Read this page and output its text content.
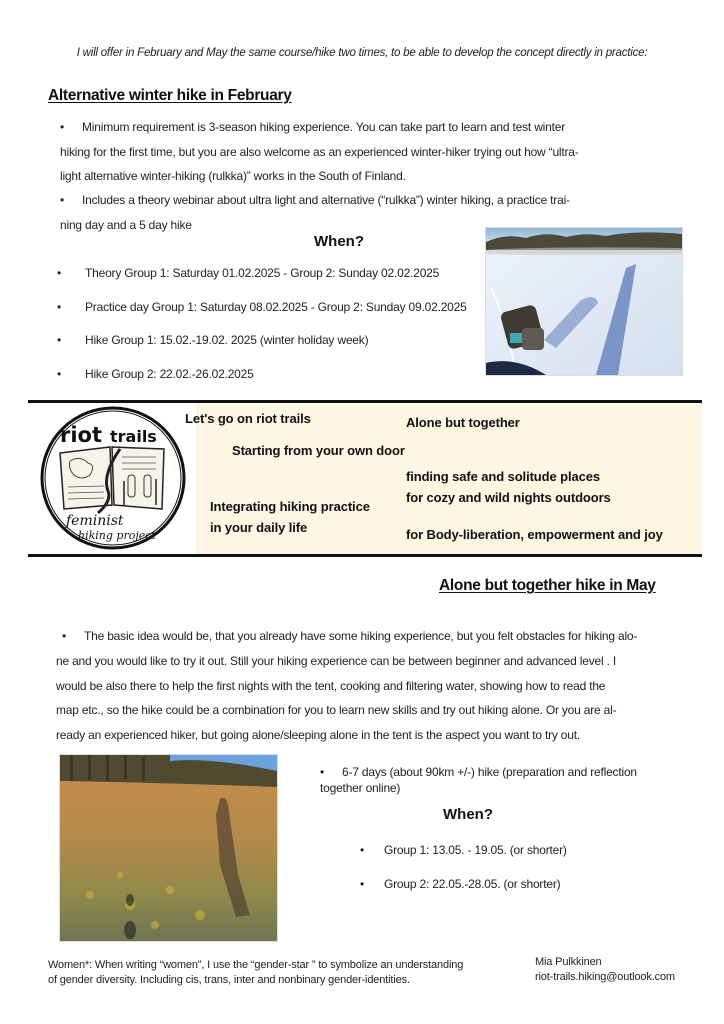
I will offer in February and May the same course/hike two times, to be able to develop the concept directly in practice:
Alternative winter hike in February
• Minimum requirement is 3-season hiking experience. You can take part to learn and test winter
hiking for the first time, but you are also welcome as an experienced winter-hiker trying out how “ultra-
light alternative winter-hiking (rulkka)” works in the South of Finland.
• Includes a theory webinar about ultra light and alternative (“rulkka”) winter hiking, a practice trai-
ning day and a 5 day hike
When?
• Theory Group 1: Saturday 01.02.2025 - Group 2: Sunday 02.02.2025
• Practice day Group 1: Saturday 08.02.2025 - Group 2: Sunday 09.02.2025
• Hike Group 1: 15.02.-19.02. 2025 (winter holiday week)
• Hike Group 2: 22.02.-26.02.2025
riot trails
feminist
hiking project
Let's go on riot trails	Alone but together
Starting from your own door
finding safe and solitude places
for cozy and wild nights outdoors
Integrating hiking practice
in your daily life	for Body-liberation, empowerment and joy
Alone but together hike in May
• The basic idea would be, that you already have some hiking experience, but you felt obstacles for hiking alo-
ne and you would like to try it out. Still your hiking experience can be between beginner and advanced level . I
would be also there to help the first nights with the tent, cooking and filtering water, showing how to read the
map etc., so the hike could be a combination for you to learn new skills and try out hiking alone. Or you are al-
ready an experienced hiker, but going alone/sleeping alone in the tent is the aspect you want to try out.
• 6-7 days (about 90km +/-) hike (preparation and reflection
together online)
When?
• Group 1: 13.05. - 19.05. (or shorter)
• Group 2: 22.05.-28.05. (or shorter)
Women*: When writing “women”, I use the “gender-star ” to symbolize an understanding
of gender diversity. Including cis, trans, inter and nonbinary gender-identities.
Mia Pulkkinen
riot-trails.hiking@outlook.com
